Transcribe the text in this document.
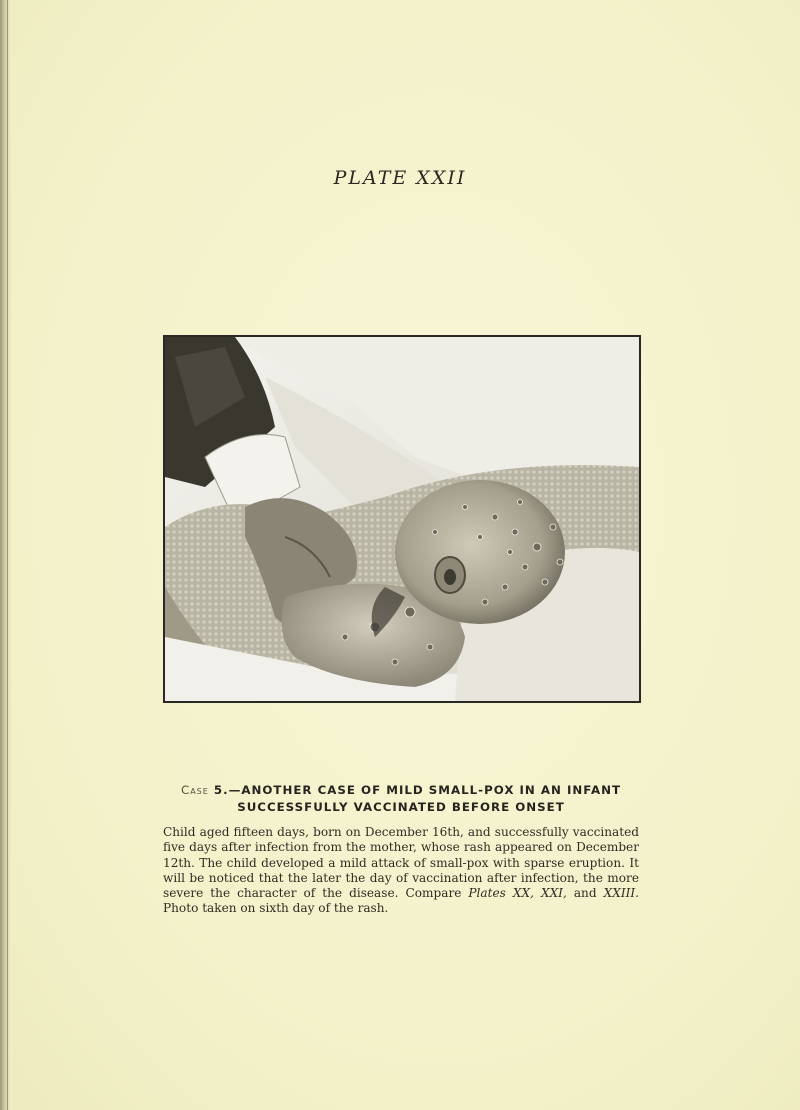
PLATE XXII
Case 5.—ANOTHER CASE OF MILD SMALL-POX IN AN INFANT
SUCCESSFULLY VACCINATED BEFORE ONSET
Child aged fifteen days, born on December 16th, and successfully vaccinated five days after infection from the mother, whose rash appeared on December 12th. The child developed a mild attack of small-pox with sparse eruption. It will be noticed that the later the day of vaccination after infection, the more severe the character of the disease. Compare Plates XX, XXI, and XXIII. Photo taken on sixth day of the rash.
